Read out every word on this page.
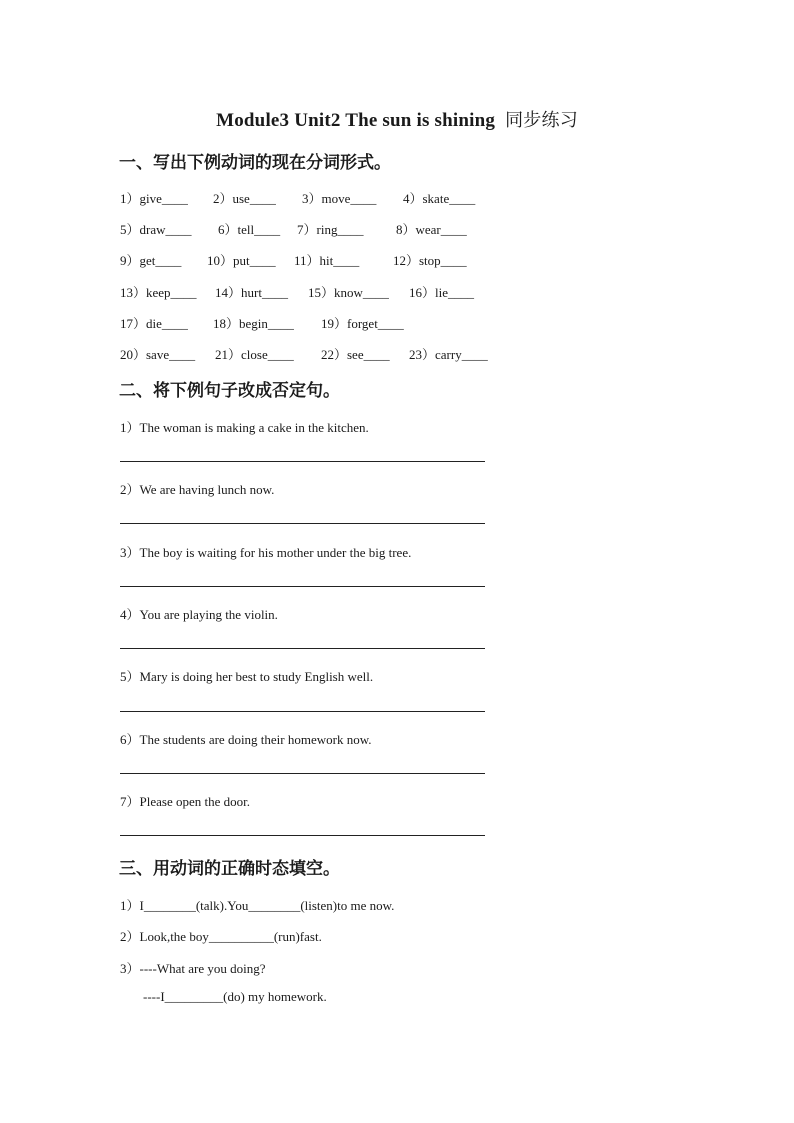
Module3 Unit2 The sun is shining 同步练习
一、写出下例动词的现在分词形式。
1）give____ 2）use____ 3）move____ 4）skate____
5）draw____ 6）tell____ 7）ring____	8）wear____
9）get____ 10）put____ 11）hit____	12）stop____
13）keep____ 14）hurt____ 15）know____ 16）lie____
17）die____ 18）begin____ 19）forget____
20）save____ 21）close____ 22）see____ 23）carry____
二、将下例句子改成否定句。
1）The woman is making a cake in the kitchen.
2）We are having lunch now.
3）The boy is waiting for his mother under the big tree.
4）You are playing the violin.
5）Mary is doing her best to study English well.
6）The students are doing their homework now.
7）Please open the door.
三、用动词的正确时态填空。
1）I________(talk).You________(listen)to me now.
2）Look,the boy__________(run)fast.
3）----What are you doing?
----I_________(do) my homework.
